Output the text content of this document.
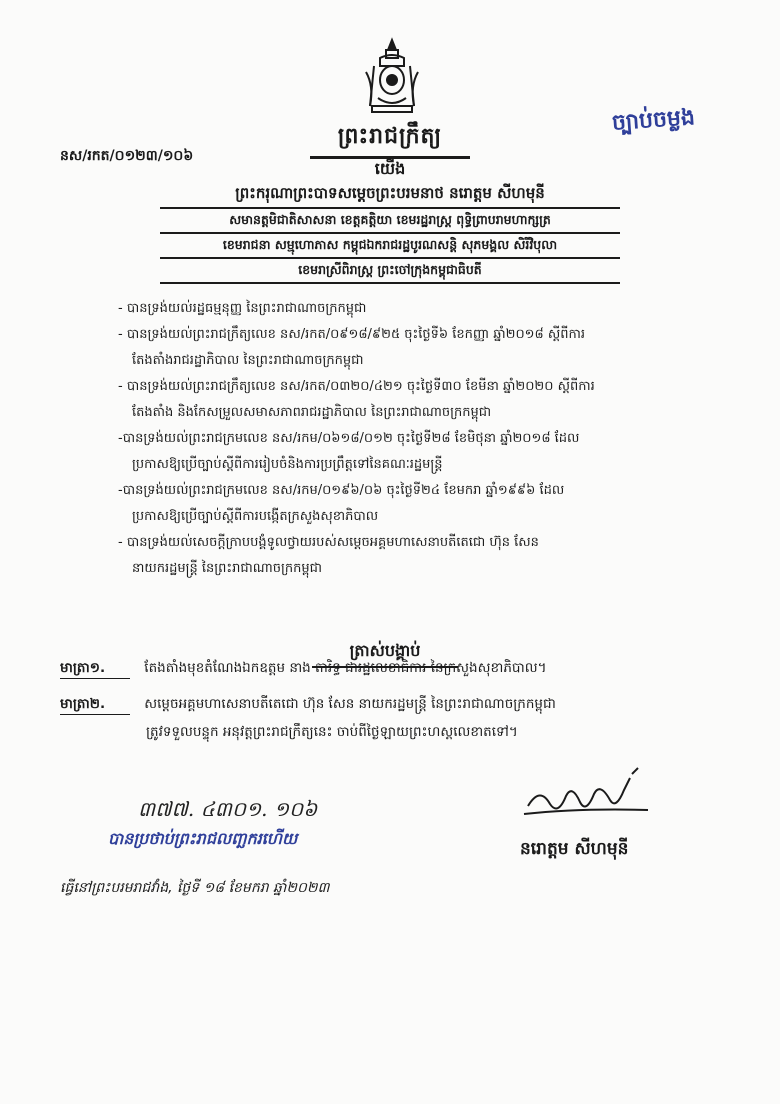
ព្រះរាជក្រឹត្យ
ច្បាប់ចម្លង
នស/រកត/០១២៣/១០៦
យើង
ព្រះករុណាព្រះបាទសម្តេចព្រះបរមនាថ នរោត្តម សីហមុនី
សមានត្តមិជាតិសាសនា ខេត្តគត្តិយា ខេមរដ្ឋរាស្ត្រ ពុទ្ធិព្រាបរាមហាក្សត្រ
ខេមរាជនា សម្មុហោភាស កម្ពុជឯករាជរដ្ឋបូរណសន្តិ សុភមង្គល សិរីវិបុលា
ខេមរាស្រីពិរាស្ត្រ ព្រះចៅក្រុងកម្ពុជាធិបតី

- បានទ្រង់យល់រដ្ឋធម្មនុញ្ញ នៃព្រះរាជាណាចក្រកម្ពុជា

- បានទ្រង់យល់ព្រះរាជក្រឹត្យលេខ នស/រកត/០៩១៨/៩២៥ ចុះថ្ងៃទី៦ ខែកញ្ញា ឆ្នាំ២០១៨ ស្តីពីការ
តែងតាំងរាជរដ្ឋាភិបាល នៃព្រះរាជាណាចក្រកម្ពុជា

- បានទ្រង់យល់ព្រះរាជក្រឹត្យលេខ នស/រកត/០៣២០/៤២១ ចុះថ្ងៃទី៣០ ខែមីនា ឆ្នាំ២០២០ ស្តីពីការ
តែងតាំង និងកែសម្រួលសមាសភាពរាជរដ្ឋាភិបាល នៃព្រះរាជាណាចក្រកម្ពុជា

-បានទ្រង់យល់ព្រះរាជក្រមលេខ នស/រកម/០៦១៨/០១២ ចុះថ្ងៃទី២៨ ខែមិថុនា ឆ្នាំ២០១៨ ដែល
ប្រកាសឱ្យប្រើច្បាប់ស្តីពីការរៀបចំនិងការប្រព្រឹត្តទៅនៃគណៈរដ្ឋមន្ត្រី

-បានទ្រង់យល់ព្រះរាជក្រមលេខ នស/រកម/០១៩៦/០៦ ចុះថ្ងៃទី២៤ ខែមករា ឆ្នាំ១៩៩៦ ដែល
ប្រកាសឱ្យប្រើច្បាប់ស្តីពីការបង្កើតក្រសួងសុខាភិបាល

- បានទ្រង់យល់សេចក្តីក្រាបបង្គំទូលថ្វាយរបស់សម្តេចអគ្គមហាសេនាបតីតេជោ ហ៊ុន សែន
នាយករដ្ឋមន្ត្រី នៃព្រះរាជាណាចក្រកម្ពុជា

ត្រាស់បង្គាប់
មាត្រា១.	តែងតាំងមុខតំណែងឯកឧត្តម នាង តារិទ្ធ ជារដ្ឋលេខាធិការ នៃក្រសួងសុខាភិបាល។
មាត្រា២.	សម្តេចអគ្គមហាសេនាបតីតេជោ ហ៊ុន សែន នាយករដ្ឋមន្ត្រី នៃព្រះរាជាណាចក្រកម្ពុជា
ត្រូវទទួលបន្ទុក អនុវត្តព្រះរាជក្រឹត្យនេះ ចាប់ពីថ្ងៃឡាយព្រះហស្តលេខាតទៅ។
នរោត្តម សីហមុនី
៣៧៧. ៤៣០១. ១០៦
បានប្រថាប់ព្រះរាជលញ្ឆករហើយ
ធ្វើនៅព្រះបរមរាជវាំង, ថ្ងៃទី ១៨ ខែមករា ឆ្នាំ២០២៣
